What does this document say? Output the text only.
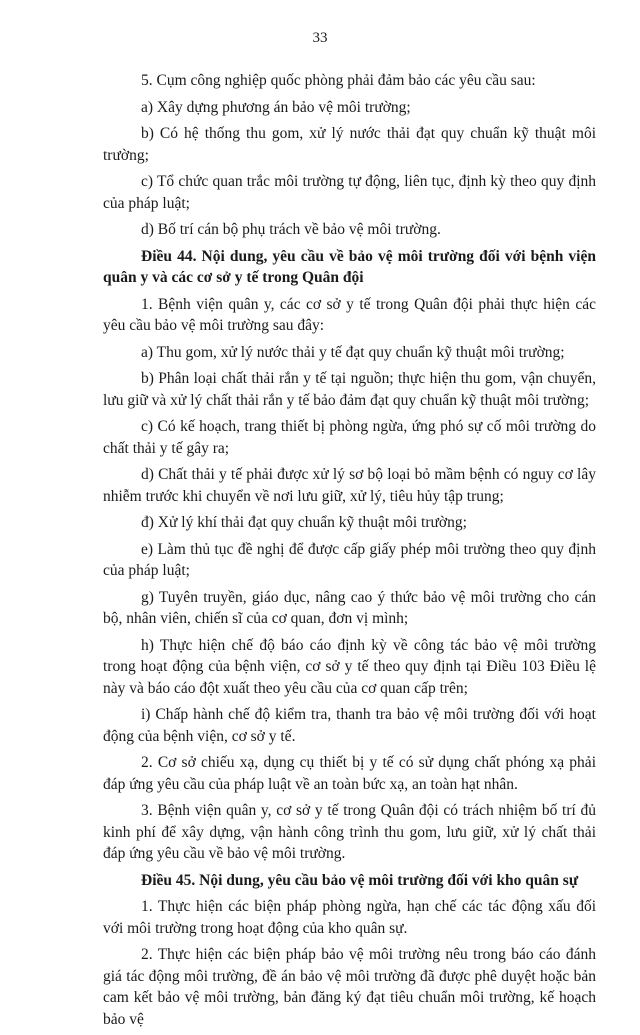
33

5. Cụm công nghiệp quốc phòng phải đảm bảo các yêu cầu sau:

a) Xây dựng phương án bảo vệ môi trường;

b) Có hệ thống thu gom, xử lý nước thải đạt quy chuẩn kỹ thuật môi trường;

c) Tổ chức quan trắc môi trường tự động, liên tục, định kỳ theo quy định của pháp luật;

d) Bố trí cán bộ phụ trách về bảo vệ môi trường.

Điều 44. Nội dung, yêu cầu về bảo vệ môi trường đối với bệnh viện quân y và các cơ sở y tế trong Quân đội

1. Bệnh viện quân y, các cơ sở y tế trong Quân đội phải thực hiện các yêu cầu bảo vệ môi trường sau đây:

a) Thu gom, xử lý nước thải y tế đạt quy chuẩn kỹ thuật môi trường;

b) Phân loại chất thải rắn y tế tại nguồn; thực hiện thu gom, vận chuyển, lưu giữ và xử lý chất thải rắn y tế bảo đảm đạt quy chuẩn kỹ thuật môi trường;

c) Có kế hoạch, trang thiết bị phòng ngừa, ứng phó sự cố môi trường do chất thải y tế gây ra;

d) Chất thải y tế phải được xử lý sơ bộ loại bỏ mầm bệnh có nguy cơ lây nhiễm trước khi chuyển về nơi lưu giữ, xử lý, tiêu hủy tập trung;

đ) Xử lý khí thải đạt quy chuẩn kỹ thuật môi trường;

e) Làm thủ tục đề nghị để được cấp giấy phép môi trường theo quy định của pháp luật;

g) Tuyên truyền, giáo dục, nâng cao ý thức bảo vệ môi trường cho cán bộ, nhân viên, chiến sĩ của cơ quan, đơn vị mình;

h) Thực hiện chế độ báo cáo định kỳ về công tác bảo vệ môi trường trong hoạt động của bệnh viện, cơ sở y tế theo quy định tại Điều 103 Điều lệ này và báo cáo đột xuất theo yêu cầu của cơ quan cấp trên;

i) Chấp hành chế độ kiểm tra, thanh tra bảo vệ môi trường đối với hoạt động của bệnh viện, cơ sở y tế.

2. Cơ sở chiếu xạ, dụng cụ thiết bị y tế có sử dụng chất phóng xạ phải đáp ứng yêu cầu của pháp luật về an toàn bức xạ, an toàn hạt nhân.

3. Bệnh viện quân y, cơ sở y tế trong Quân đội có trách nhiệm bố trí đủ kinh phí để xây dựng, vận hành công trình thu gom, lưu giữ, xử lý chất thải đáp ứng yêu cầu về bảo vệ môi trường.

Điều 45. Nội dung, yêu cầu bảo vệ môi trường đối với kho quân sự

1. Thực hiện các biện pháp phòng ngừa, hạn chế các tác động xấu đối với môi trường trong hoạt động của kho quân sự.

2. Thực hiện các biện pháp bảo vệ môi trường nêu trong báo cáo đánh giá tác động môi trường, đề án bảo vệ môi trường đã được phê duyệt hoặc bản cam kết bảo vệ môi trường, bản đăng ký đạt tiêu chuẩn môi trường, kế hoạch bảo vệ
